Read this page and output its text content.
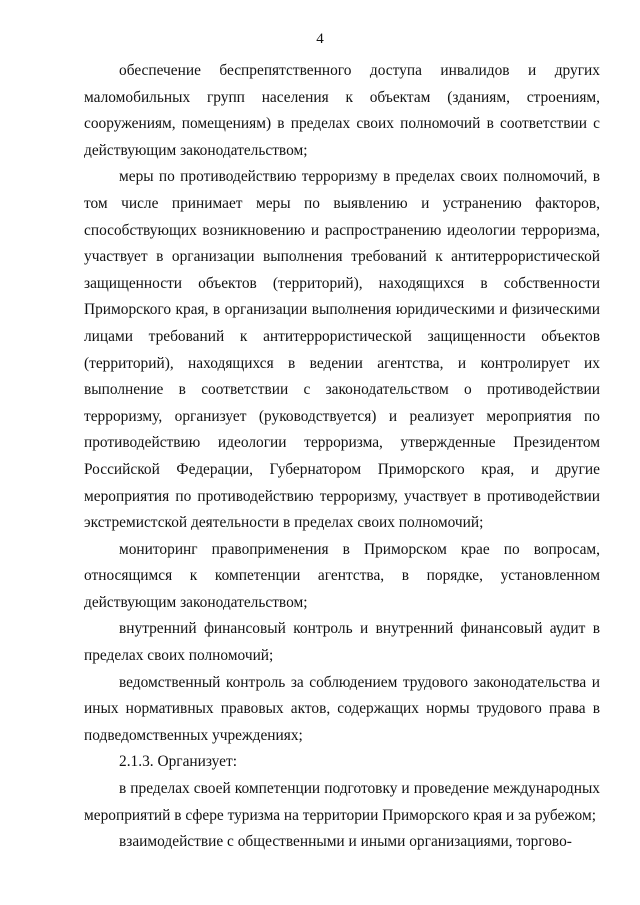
4

обеспечение беспрепятственного доступа инвалидов и других маломобильных групп населения к объектам (зданиям, строениям, сооружениям, помещениям) в пределах своих полномочий в соответствии с действующим законодательством;

меры по противодействию терроризму в пределах своих полномочий, в том числе принимает меры по выявлению и устранению факторов, способствующих возникновению и распространению идеологии терроризма, участвует в организации выполнения требований к антитеррористической защищенности объектов (территорий), находящихся в собственности Приморского края, в организации выполнения юридическими и физическими лицами требований к антитеррористической защищенности объектов (территорий), находящихся в ведении агентства, и контролирует их выполнение в соответствии с законодательством о противодействии терроризму, организует (руководствуется) и реализует мероприятия по противодействию идеологии терроризма, утвержденные Президентом Российской Федерации, Губернатором Приморского края, и другие мероприятия по противодействию терроризму, участвует в противодействии экстремистской деятельности в пределах своих полномочий;

мониторинг правоприменения в Приморском крае по вопросам, относящимся к компетенции агентства, в порядке, установленном действующим законодательством;

внутренний финансовый контроль и внутренний финансовый аудит в пределах своих полномочий;

ведомственный контроль за соблюдением трудового законодательства и иных нормативных правовых актов, содержащих нормы трудового права в подведомственных учреждениях;

2.1.3. Организует:

в пределах своей компетенции подготовку и проведение международных мероприятий в сфере туризма на территории Приморского края и за рубежом;

взаимодействие с общественными и иными организациями, торгово-
